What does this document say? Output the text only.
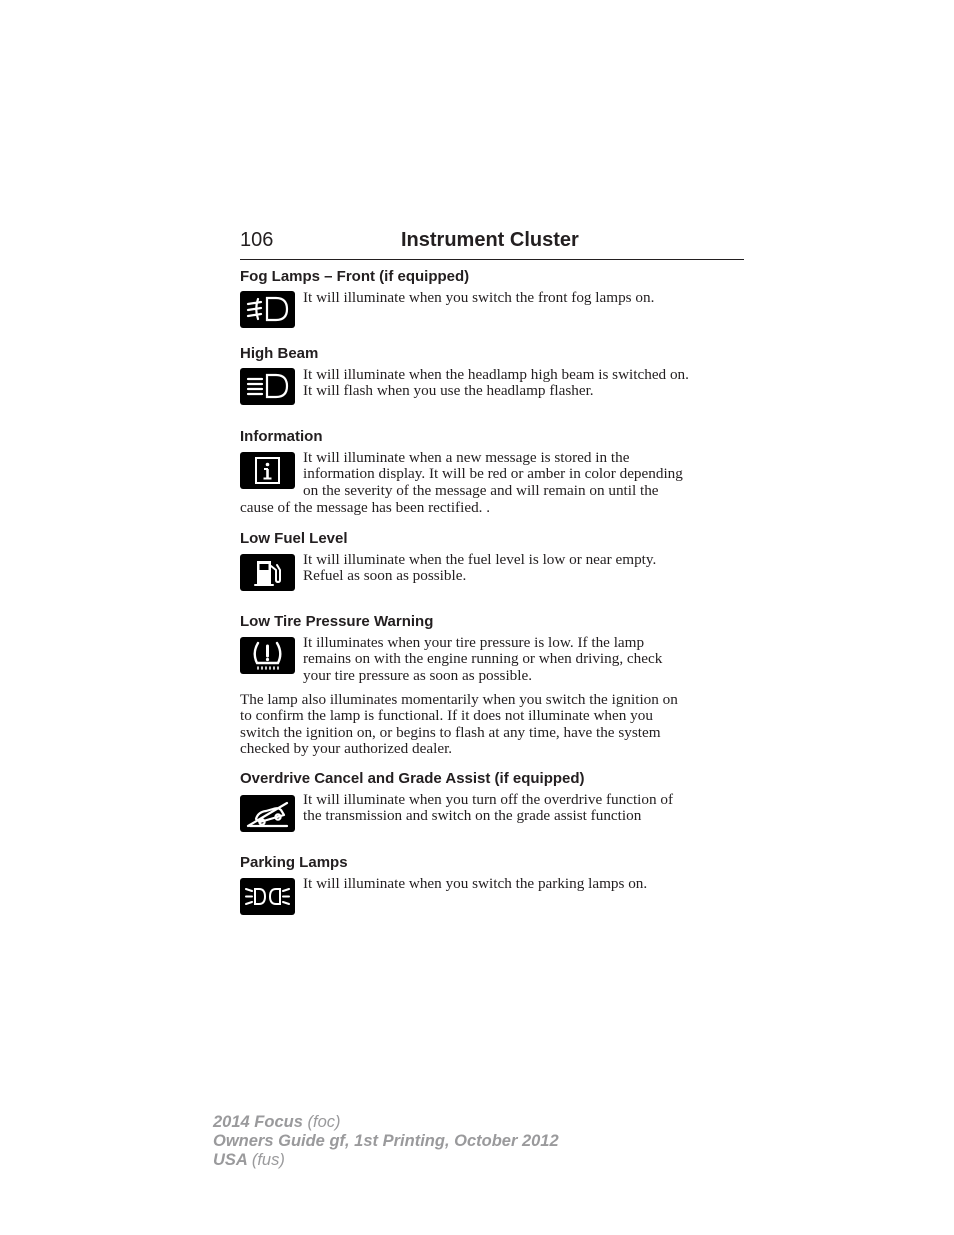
106	Instrument Cluster
Fog Lamps – Front (if equipped)
It will illuminate when you switch the front fog lamps on.
High Beam
It will illuminate when the headlamp high beam is switched on.
It will flash when you use the headlamp flasher.
Information
It will illuminate when a new message is stored in the
information display. It will be red or amber in color depending
on the severity of the message and will remain on until the
cause of the message has been rectified. .
Low Fuel Level
It will illuminate when the fuel level is low or near empty.
Refuel as soon as possible.
Low Tire Pressure Warning
It illuminates when your tire pressure is low. If the lamp
remains on with the engine running or when driving, check
your tire pressure as soon as possible.
The lamp also illuminates momentarily when you switch the ignition on
to confirm the lamp is functional. If it does not illuminate when you
switch the ignition on, or begins to flash at any time, have the system
checked by your authorized dealer.
Overdrive Cancel and Grade Assist (if equipped)
It will illuminate when you turn off the overdrive function of
the transmission and switch on the grade assist function
Parking Lamps
It will illuminate when you switch the parking lamps on.
2014 Focus (foc)
Owners Guide gf, 1st Printing, October 2012
USA (fus)
